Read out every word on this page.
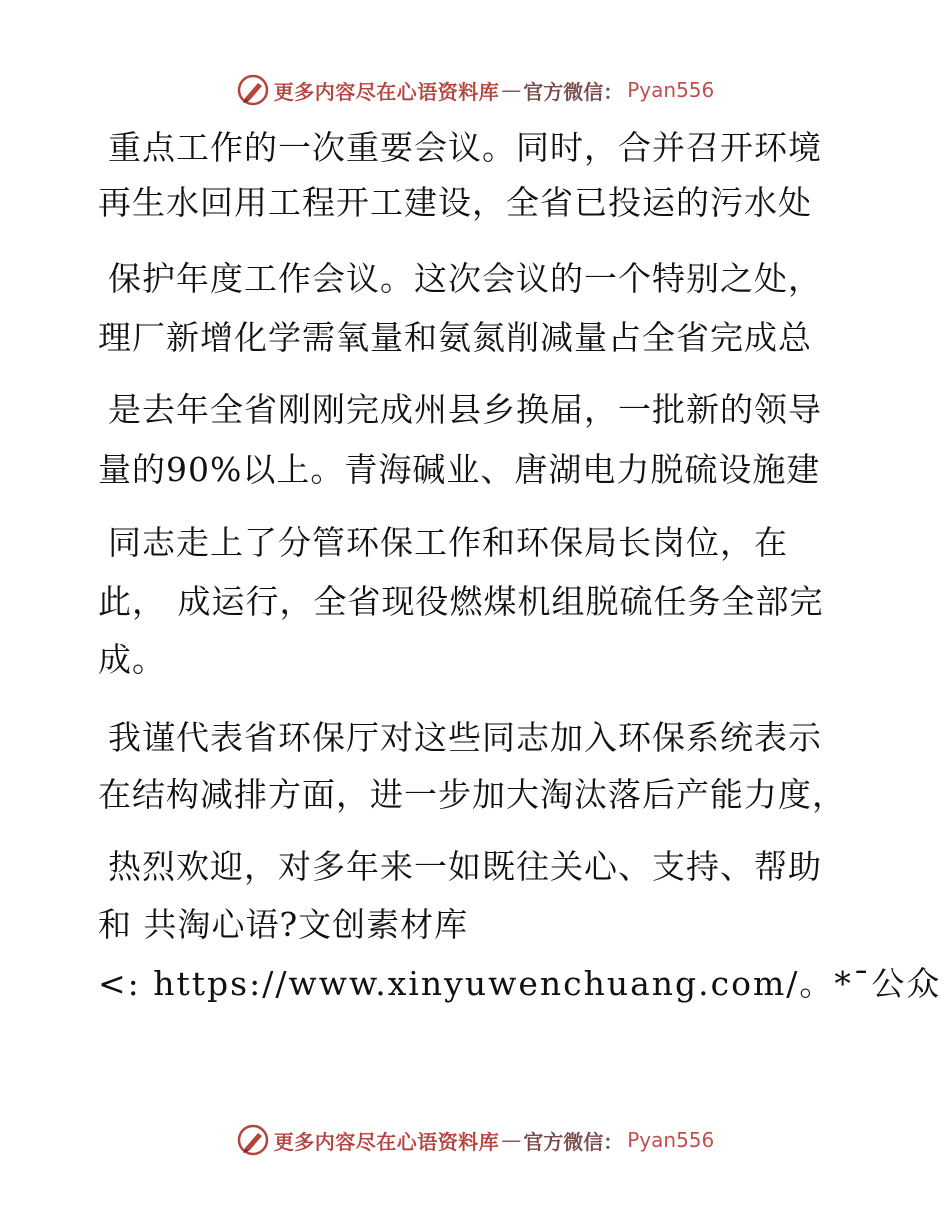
更多内容尽在心语资料库 — 官方微信： Pyan556
重点工作的一次重要会议。同时，合并召开环境
再生水回用工程开工建设，全省已投运的污水处
保护年度工作会议。这次会议的一个特别之处，
理厂新增化学需氧量和氨氮削减量占全省完成总
是去年全省刚刚完成州县乡换届，一批新的领导
量的90%以上。青海碱业、唐湖电力脱硫设施建
同志走上了分管环保工作和环保局长岗位，在
此， 成运行，全省现役燃煤机组脱硫任务全部完
成。
我谨代表省环保厅对这些同志加入环保系统表示
在结构减排方面，进一步加大淘汰落后产能力度，
热烈欢迎，对多年来一如既往关心、支持、帮助
和 共淘心语?文创素材库
<: https://www.xinyuwenchuang.com/。*¯公众
更多内容尽在心语资料库 — 官方微信： Pyan556
